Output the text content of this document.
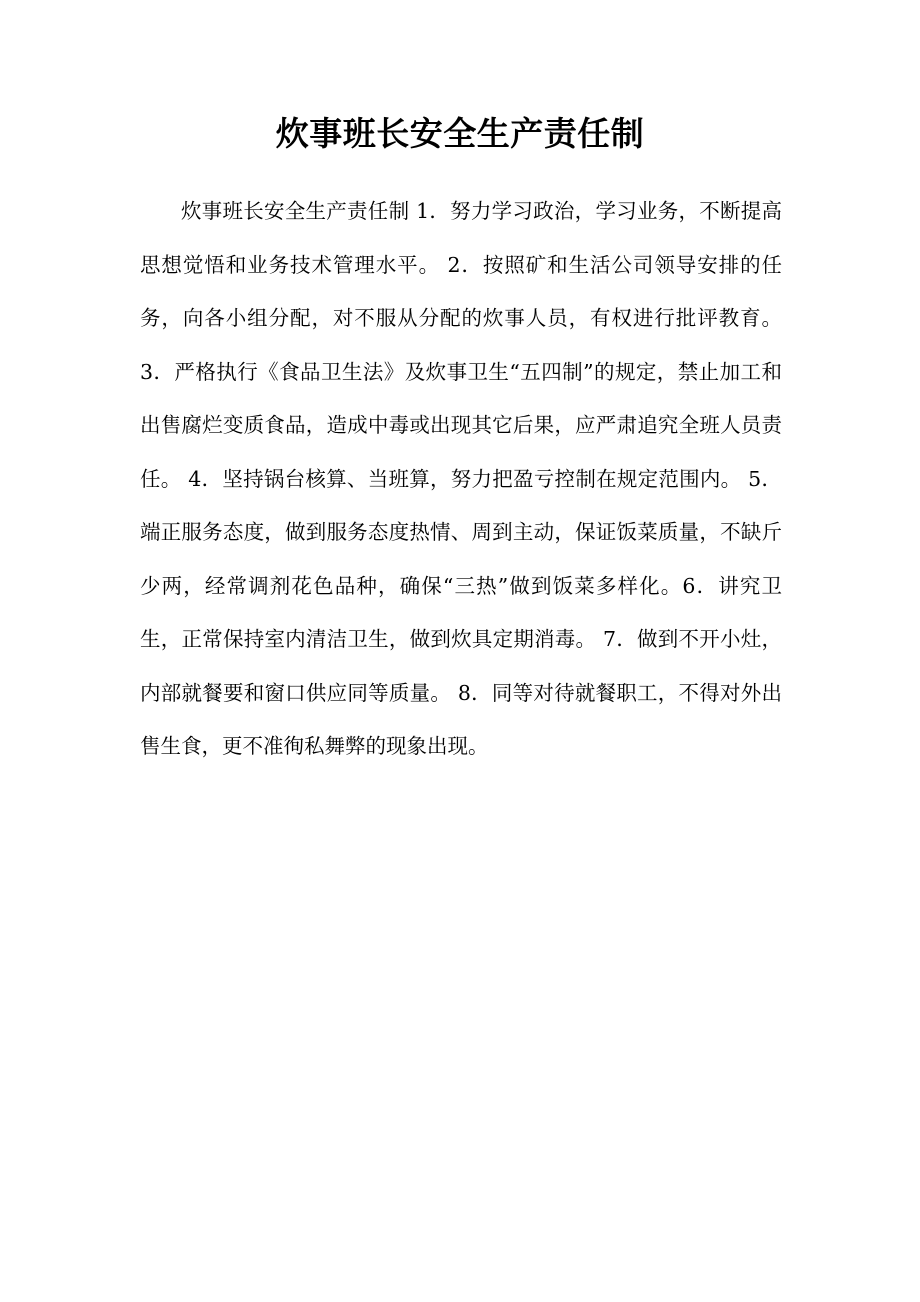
炊事班长安全生产责任制

炊事班长安全生产责任制 1．努力学习政治，学习业务，不断提高思想觉悟和业务技术管理水平。 2．按照矿和生活公司领导安排的任务，向各小组分配，对不服从分配的炊事人员，有权进行批评教育。3．严格执行《食品卫生法》及炊事卫生“五四制”的规定，禁止加工和出售腐烂变质食品，造成中毒或出现其它后果，应严肃追究全班人员责任。 4．坚持锅台核算、当班算，努力把盈亏控制在规定范围内。 5．端正服务态度，做到服务态度热情、周到主动，保证饭菜质量，不缺斤少两，经常调剂花色品种，确保“三热”做到饭菜多样化。6．讲究卫生，正常保持室内清洁卫生，做到炊具定期消毒。 7．做到不开小灶，内部就餐要和窗口供应同等质量。 8．同等对待就餐职工，不得对外出售生食，更不准徇私舞弊的现象出现。
